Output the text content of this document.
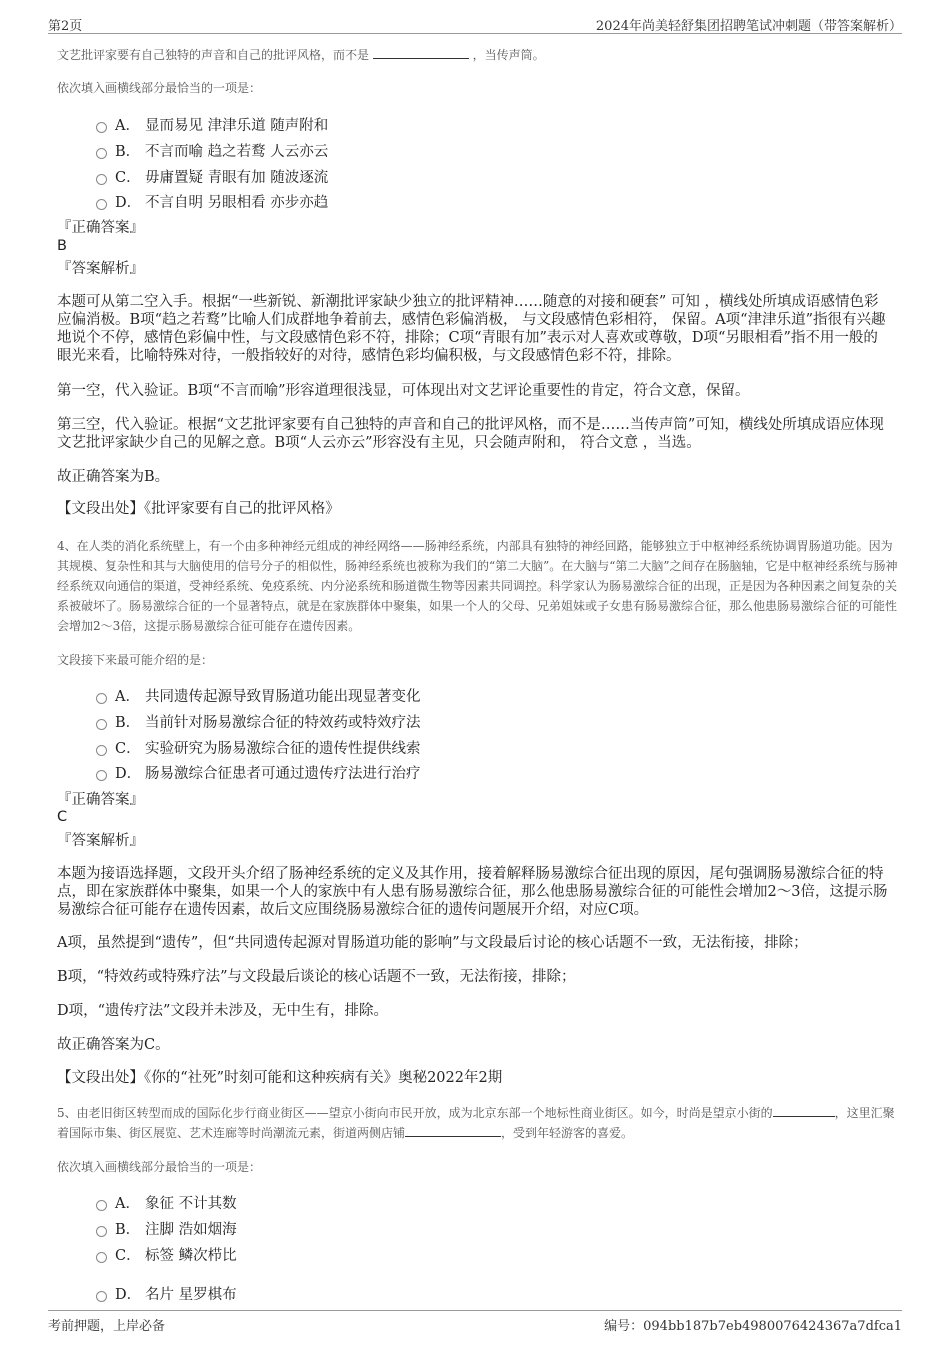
第2页	2024年尚美轻舒集团招聘笔试冲刺题（带答案解析）
文艺批评家要有自己独特的声音和自己的批评风格，而不是	，当传声筒。
依次填入画横线部分最恰当的一项是：
A． 显而易见 津津乐道 随声附和
B． 不言而喻 趋之若鹜 人云亦云
C． 毋庸置疑 青眼有加 随波逐流
D． 不言自明 另眼相看 亦步亦趋
『正确答案』
B
『答案解析』
本题可从第二空入手。根据“一些新锐、新潮批评家缺少独立的批评精神……随意的对接和硬套” 可知 ，横线处所填成语感情色彩应偏消极。B项“趋之若鹜”比喻人们成群地争着前去，感情色彩偏消极， 与文段感情色彩相符， 保留。A项“津津乐道”指很有兴趣地说个不停，感情色彩偏中性，与文段感情色彩不符，排除；C项“青眼有加”表示对人喜欢或尊敬，D项“另眼相看”指不用一般的眼光来看，比喻特殊对待，一般指较好的对待，感情色彩均偏积极，与文段感情色彩不符，排除。
第一空，代入验证。B项“不言而喻”形容道理很浅显，可体现出对文艺评论重要性的肯定，符合文意，保留。
第三空，代入验证。根据“文艺批评家要有自己独特的声音和自己的批评风格，而不是……当传声筒”可知，横线处所填成语应体现文艺批评家缺少自己的见解之意。B项“人云亦云”形容没有主见，只会随声附和， 符合文意 ，当选。
故正确答案为B。
【文段出处】《批评家要有自己的批评风格》
4、在人类的消化系统壁上，有一个由多种神经元组成的神经网络——肠神经系统，内部具有独特的神经回路，能够独立于中枢神经系统协调胃肠道功能。因为其规模、复杂性和其与大脑使用的信号分子的相似性，肠神经系统也被称为我们的“第二大脑”。在大脑与“第二大脑”之间存在肠脑轴，它是中枢神经系统与肠神经系统双向通信的渠道，受神经系统、免疫系统、内分泌系统和肠道微生物等因素共同调控。科学家认为肠易激综合征的出现，正是因为各种因素之间复杂的关系被破坏了。肠易激综合征的一个显著特点，就是在家族群体中聚集，如果一个人的父母、兄弟姐妹或子女患有肠易激综合征，那么他患肠易激综合征的可能性会增加2～3倍，这提示肠易激综合征可能存在遗传因素。
文段接下来最可能介绍的是：
A． 共同遗传起源导致胃肠道功能出现显著变化
B． 当前针对肠易激综合征的特效药或特效疗法
C． 实验研究为肠易激综合征的遗传性提供线索
D． 肠易激综合征患者可通过遗传疗法进行治疗
『正确答案』
C
『答案解析』
本题为接语选择题，文段开头介绍了肠神经系统的定义及其作用，接着解释肠易激综合征出现的原因，尾句强调肠易激综合征的特点，即在家族群体中聚集，如果一个人的家族中有人患有肠易激综合征，那么他患肠易激综合征的可能性会增加2～3倍，这提示肠易激综合征可能存在遗传因素，故后文应围绕肠易激综合征的遗传问题展开介绍，对应C项。
A项，虽然提到“遗传”，但“共同遗传起源对胃肠道功能的影响”与文段最后讨论的核心话题不一致，无法衔接，排除；
B项，“特效药或特殊疗法”与文段最后谈论的核心话题不一致，无法衔接，排除；
D项，“遗传疗法”文段并未涉及，无中生有，排除。
故正确答案为C。
【文段出处】《你的“社死”时刻可能和这种疾病有关》奥秘2022年2期
5、由老旧街区转型而成的国际化步行商业街区——望京小街向市民开放，成为北京东部一个地标性商业街区。如今，时尚是望京小街的	，这里汇聚着国际市集、街区展览、艺术连廊等时尚潮流元素，街道两侧店铺	，受到年轻游客的喜爱。
依次填入画横线部分最恰当的一项是：
A． 象征 不计其数
B． 注脚 浩如烟海
C． 标签 鳞次栉比
D． 名片 星罗棋布
考前押题，上岸必备	编号：094bb187b7eb4980076424367a7dfca1
